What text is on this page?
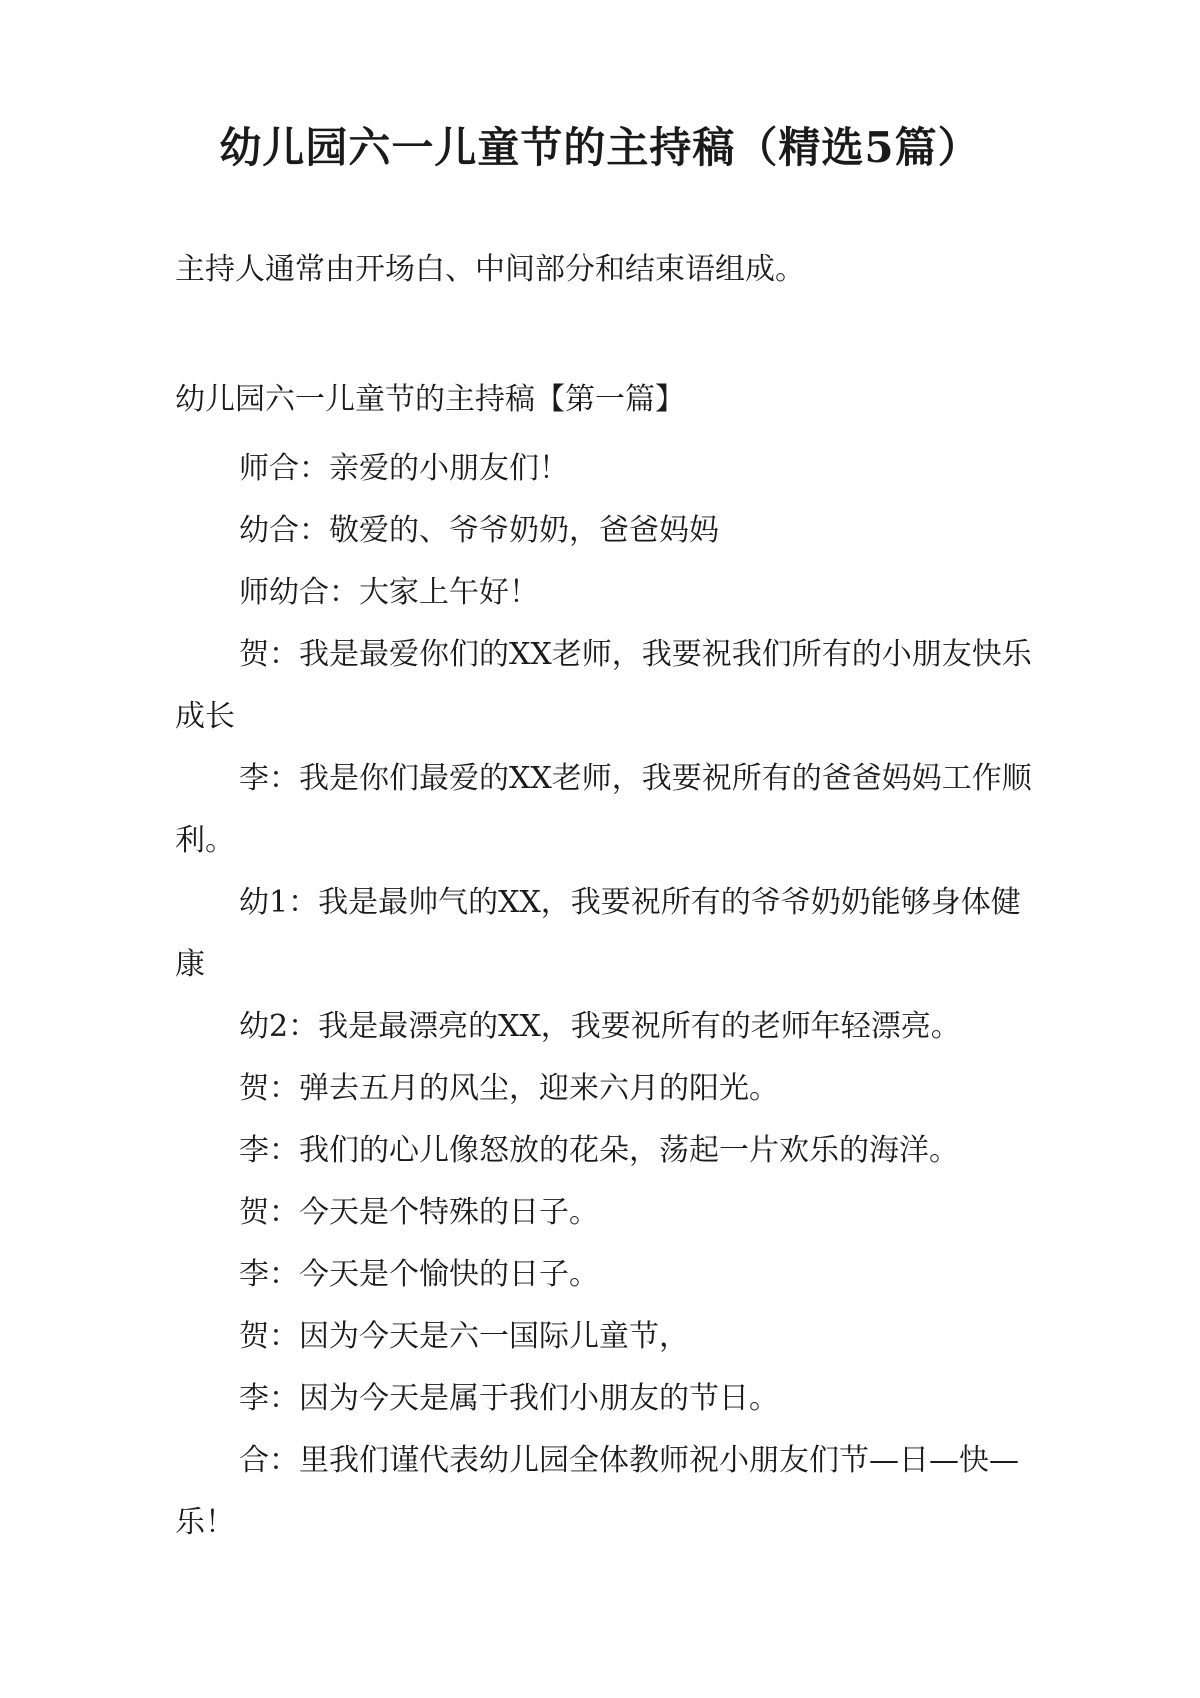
幼儿园六一儿童节的主持稿（精选5篇）
主持人通常由开场白、中间部分和结束语组成。
幼儿园六一儿童节的主持稿【第一篇】

师合：亲爱的小朋友们！

幼合：敬爱的、爷爷奶奶，爸爸妈妈

师幼合：大家上午好！

贺：我是最爱你们的XX老师，我要祝我们所有的小朋友快乐成长

李：我是你们最爱的XX老师，我要祝所有的爸爸妈妈工作顺利。

幼1：我是最帅气的XX，我要祝所有的爷爷奶奶能够身体健康

幼2：我是最漂亮的XX，我要祝所有的老师年轻漂亮。

贺：弹去五月的风尘，迎来六月的阳光。

李：我们的心儿像怒放的花朵，荡起一片欢乐的海洋。

贺：今天是个特殊的日子。

李：今天是个愉快的日子。

贺：因为今天是六一国际儿童节，

李：因为今天是属于我们小朋友的节日。

合：里我们谨代表幼儿园全体教师祝小朋友们节—日—快—乐！
